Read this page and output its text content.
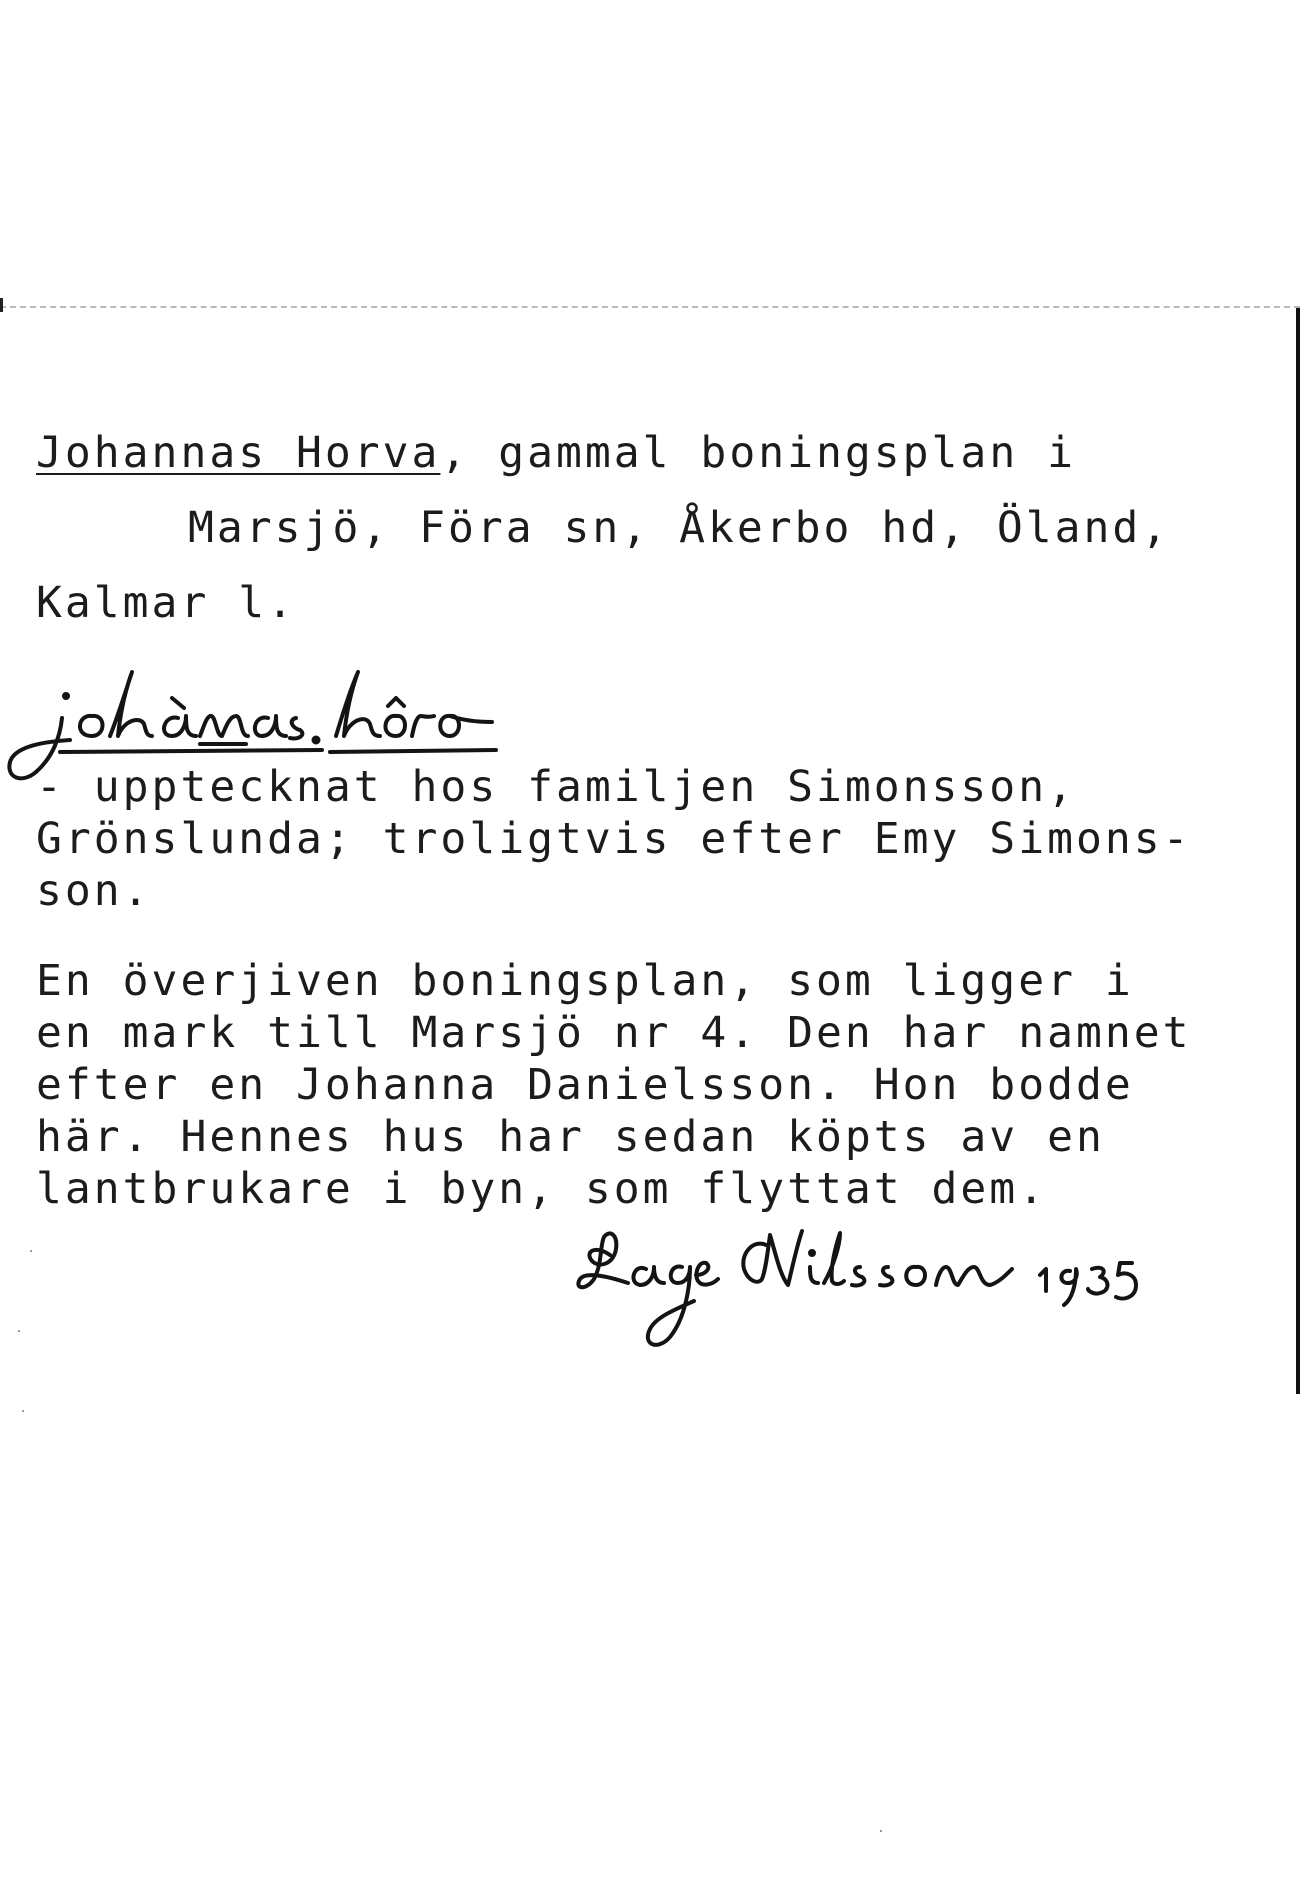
Johannas Horva, gammal boningsplan i
Marsjö, Föra sn, Åkerbo hd, Öland,
Kalmar l.
- upptecknat hos familjen Simonsson,
Grönslunda; troligtvis efter Emy Simons-
son.
En överjiven boningsplan, som ligger i
en mark till Marsjö nr 4. Den har namnet
efter en Johanna Danielsson. Hon bodde
här. Hennes hus har sedan köpts av en
lantbrukare i byn, som flyttat dem.
